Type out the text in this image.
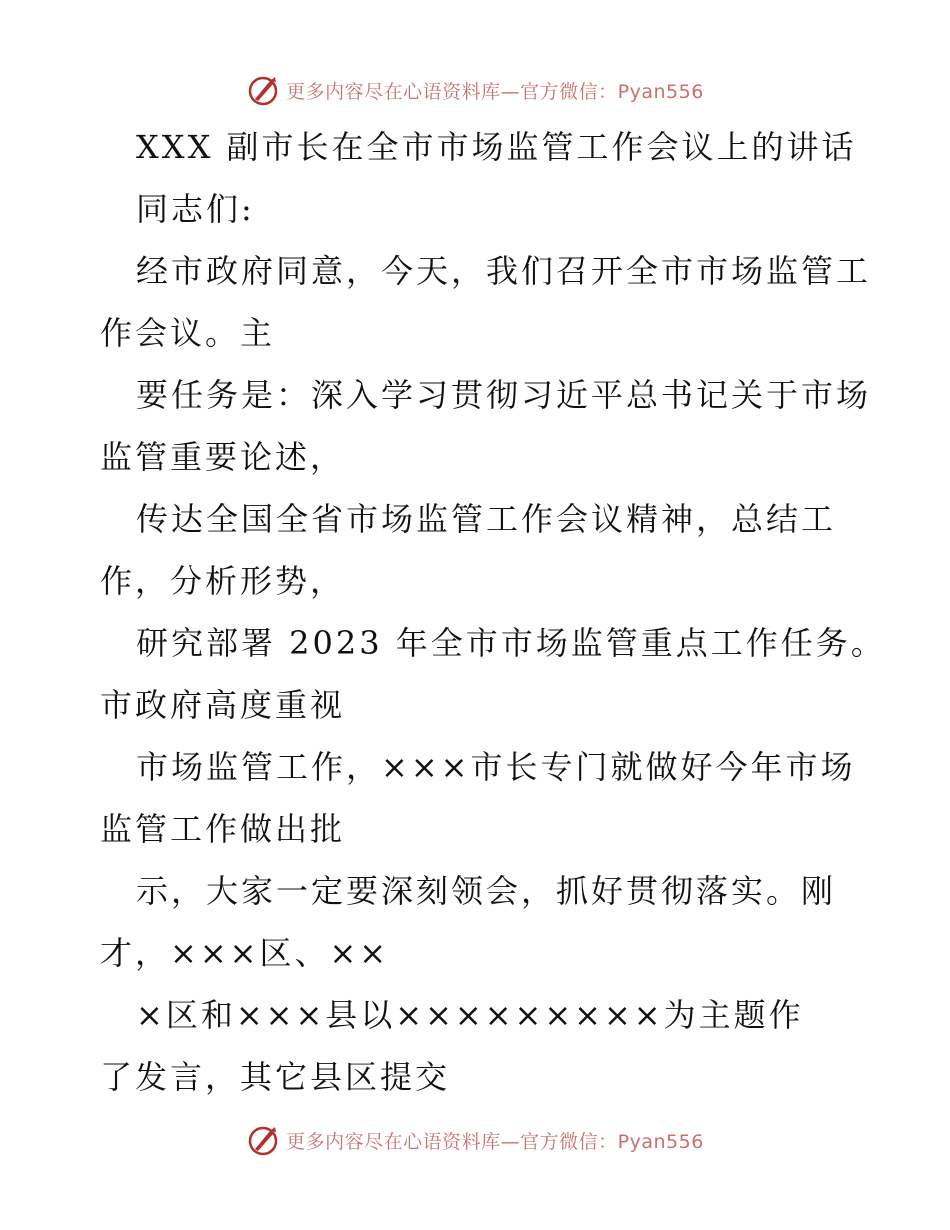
更多内容尽在心语资料库—官方微信：Pyan556

XXX 副市长在全市市场监管工作会议上的讲话

同志们:

经市政府同意，今天，我们召开全市市场监管工
作会议。主

要任务是：深入学习贯彻习近平总书记关于市场
监管重要论述，

传达全国全省市场监管工作会议精神，总结工
作，分析形势，

研究部署 2023 年全市市场监管重点工作任务。
市政府高度重视

市场监管工作，×××市长专门就做好今年市场
监管工作做出批

示，大家一定要深刻领会，抓好贯彻落实。刚
才，×××区、××

×区和×××县以×××××××××为主题作
了发言，其它县区提交

更多内容尽在心语资料库—官方微信：Pyan556
